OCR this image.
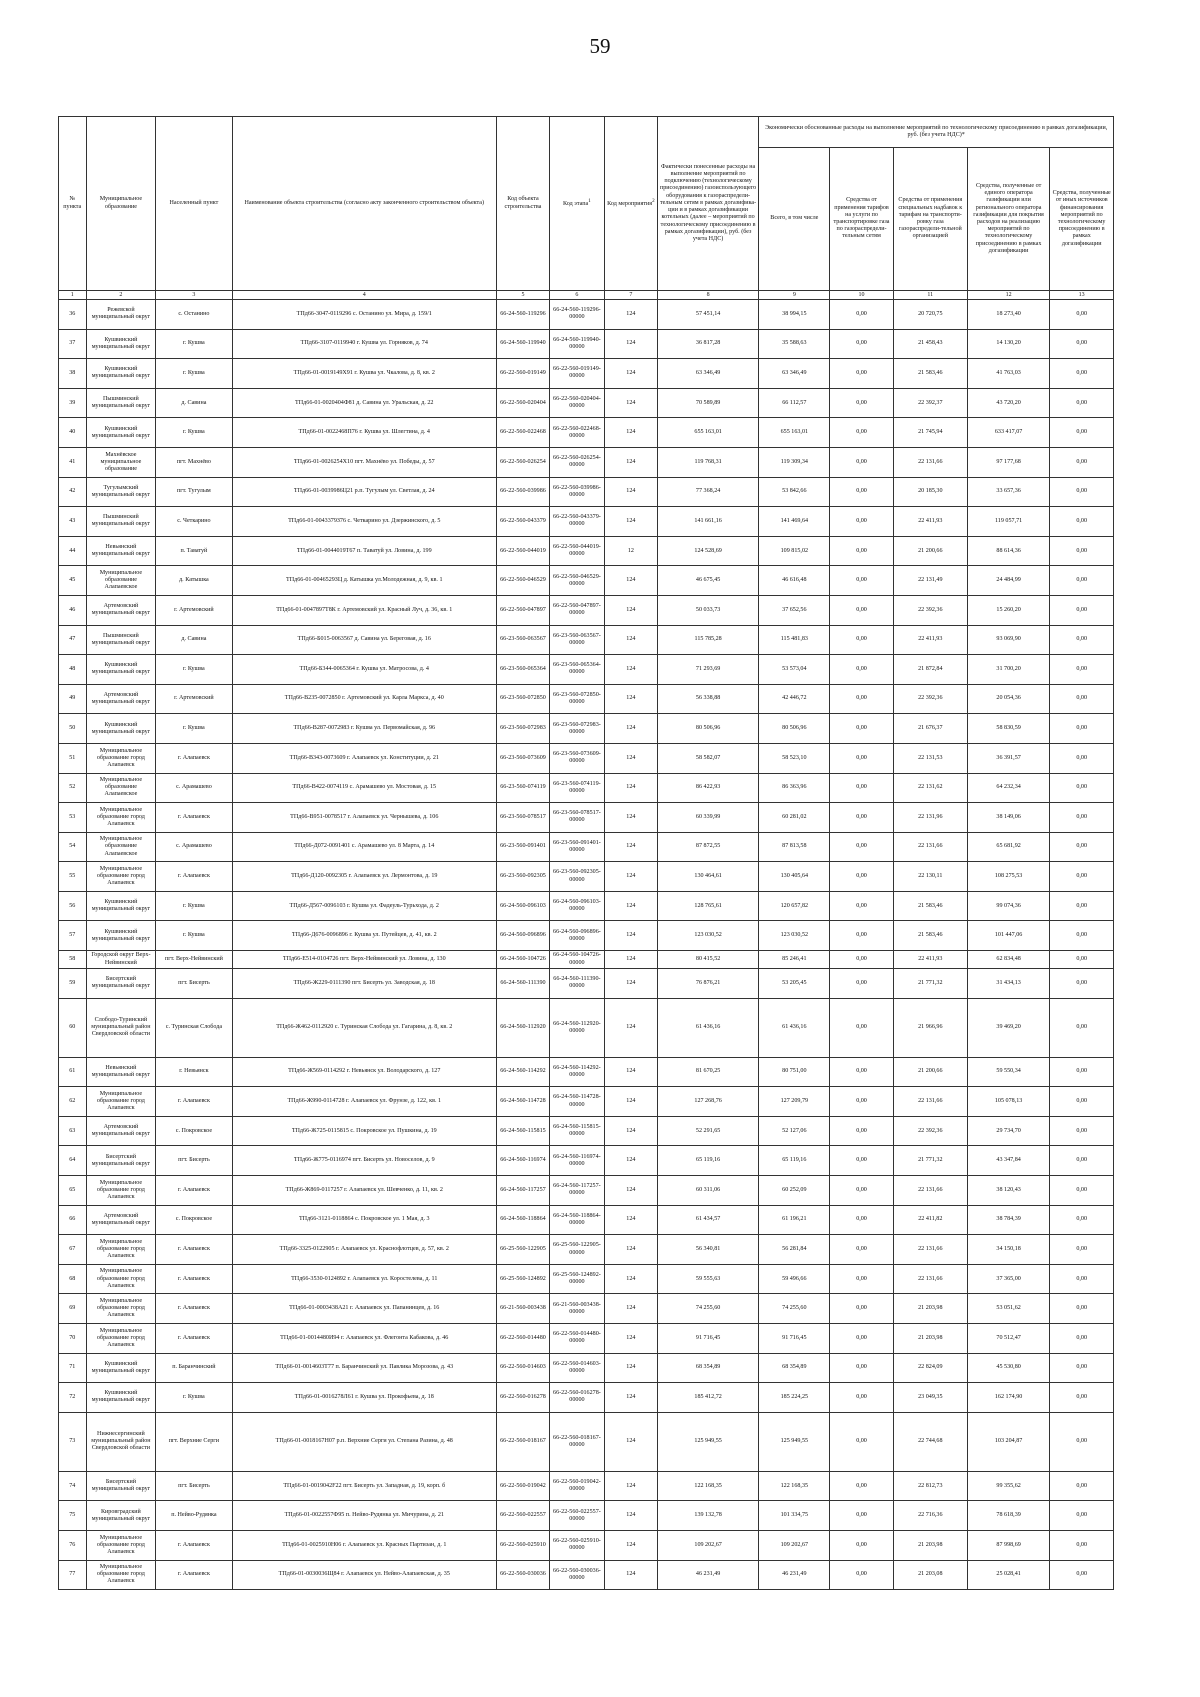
59
№ пункта	Муниципальное образование	Населенный пункт	Наименование объекта строительства (согласно акту законченного строительством объекта)	Код объекта строительства	Код этапа$^1$	Код мероприятия$^2$	Фактически понесенные расходы на выполнение мероприятий по подключению (технологическому присоединению) газоиспользующего оборудования к газораспредели-тельным сетям в рамках догазифика-ции и в рамках догазификации котельных (далее – мероприятий по технологическому присоединению в рамках догазификации), руб. (без учета НДС)	Экономически обоснованные расходы на выполнение мероприятий по технологическому присоединению в рамках догазификации, руб. (без учета НДС)*				
								Всего, в том числе	Средства от применения тарифов на услуги по транспортировке газа по газораспредели-тельным сетям	Средства от применения специальных надбавок к тарифам на транспорти-ровку газа газораспредели-тельной организацией	Средства, полученные от единого оператора газификации или регионального оператора газификации для покрытия расходов на реализацию мероприятий по технологическому присоединению в рамках догазификации	Средства, полученные от иных источников финансирования мероприятий по технологическому присоединению в рамках догазификации
1	2	3	4	5	6	7	8	9	10	11	12	13
36	Режевской муниципальный округ	с. Останино	ТПд66-3047-0119296 с. Останино ул. Мира, д. 159/1	66-24-560-119296	66-24-560-119296-00000	124	57 451,14	38 994,15	0,00	20 720,75	18 273,40	0,00
37	Кушвинский муниципальный округ	г. Кушва	ТПд66-3107-0119940 г. Кушва ул. Горняков, д. 74	66-24-560-119940	66-24-560-119940-00000	124	36 817,28	35 588,63	0,00	21 458,43	14 130,20	0,00
38	Кушвинский муниципальный округ	г. Кушва	ТПд66-01-0019149Х91 г. Кушва ул. Чкалова, д. 8, кв. 2	66-22-560-019149	66-22-560-019149-00000	124	63 346,49	63 346,49	0,00	21 583,46	41 763,03	0,00
39	Пышминский муниципальный округ	д. Савина	ТПд66-01-0020404Ф81 д. Савина ул. Уральская, д. 22	66-22-560-020404	66-22-560-020404-00000	124	70 589,89	66 112,57	0,00	22 392,37	43 720,20	0,00
40	Кушвинский муниципальный округ	г. Кушва	ТПд66-01-0022468П76 г. Кушва ул. Шлегтина, д. 4	66-22-560-022468	66-22-560-022468-00000	124	655 163,01	655 163,01	0,00	21 745,94	633 417,07	0,00
41	Махнёвское муниципальное образование	пгт. Махнёво	ТПд66-01-0026254Х10 пгт. Махнёво ул. Победы, д. 57	66-22-560-026254	66-22-560-026254-00000	124	119 768,31	119 309,34	0,00	22 131,66	97 177,68	0,00
42	Тугулымский муниципальный округ	пгт. Тугулым	ТПд66-01-0039986Ц21 р.п. Тугулым ул. Светлая, д. 24	66-22-560-039986	66-22-560-039986-00000	124	77 368,24	53 842,66	0,00	20 185,30	33 657,36	0,00
43	Пышминский муниципальный округ	с. Четкарино	ТПд66-01-0043379З76 с. Четкарино ул. Дзержинского, д. 5	66-22-560-043379	66-22-560-043379-00000	124	141 661,16	141 469,64	0,00	22 411,93	119 057,71	0,00
44	Невьянский муниципальный округ	п. Таватуй	ТПд66-01-0044019Т67 п. Таватуй ул. Ловина, д. 199	66-22-560-044019	66-22-560-044019-00000	12	124 528,69	109 815,02	0,00	21 200,66	88 614,36	0,00
45	Муниципальное образование Алапаевское	д. Катышка	ТПд66-01-0046529ЗЦ д. Катышка ул.Молодежная, д. 9, кв. 1	66-22-560-046529	66-22-560-046529-00000	124	46 675,45	46 616,48	0,00	22 131,49	24 484,99	0,00
46	Артемовский муниципальный округ	г. Артемовский	ТПд66-01-0047897Т8К г. Артемовский ул. Красный Луч, д. 36, кв. 1	66-22-560-047897	66-22-560-047897-00000	124	50 033,73	37 652,56	0,00	22 392,36	15 260,20	0,00
47	Пышминский муниципальный округ	д. Савина	ТПд66-Б015-0063567 д. Савина ул. Береговая, д. 16	66-23-560-063567	66-23-560-063567-00000	124	115 785,28	115 481,83	0,00	22 411,93	93 069,90	0,00
48	Кушвинский муниципальный округ	г. Кушва	ТПд66-Б344-0065364 г. Кушва ул. Матросова, д. 4	66-23-560-065364	66-23-560-065364-00000	124	71 293,69	53 573,04	0,00	21 872,84	31 700,20	0,00
49	Артемовский муниципальный округ	г. Артемовский	ТПд66-В235-0072850 г. Артемовский ул. Карла Маркса, д. 40	66-23-560-072850	66-23-560-072850-00000	124	56 338,88	42 446,72	0,00	22 392,36	20 054,36	0,00
50	Кушвинский муниципальный округ	г. Кушва	ТПд66-В287-0072983 г. Кушва ул. Первомайская, д. 96	66-23-560-072983	66-23-560-072983-00000	124	80 506,96	80 506,96	0,00	21 676,37	58 830,59	0,00
51	Муниципальное образование город Алапаевск	г. Алапаевск	ТПд66-В343-0073609 г. Алапаевск ул. Конституции, д. 21	66-23-560-073609	66-23-560-073609-00000	124	58 582,07	58 523,10	0,00	22 131,53	36 391,57	0,00
52	Муниципальное образование Алапаевское	с. Арамашево	ТПд66-В422-0074119 с. Арамашево ул. Мостовая, д. 15	66-23-560-074119	66-23-560-074119-00000	124	86 422,93	86 363,96	0,00	22 131,62	64 232,34	0,00
53	Муниципальное образование город Алапаевск	г. Алапаевск	ТПд66-В951-0078517 г. Алапаевск ул. Чернышева, д. 106	66-23-560-078517	66-23-560-078517-00000	124	60 339,99	60 281,02	0,00	22 131,96	38 149,06	0,00
54	Муниципальное образование Алапаевское	с. Арамашево	ТПд66-Д072-0091401 с. Арамашево ул. 8 Марта, д. 14	66-23-560-091401	66-23-560-091401-00000	124	87 872,55	87 813,58	0,00	22 131,66	65 681,92	0,00
55	Муниципальное образование город Алапаевск	г. Алапаевск	ТПд66-Д120-0092305 г. Алапаевск ул. Лермонтова, д. 19	66-23-560-092305	66-23-560-092305-00000	124	130 464,61	130 405,64	0,00	22 130,11	108 275,53	0,00
56	Кушвинский муниципальный округ	г. Кушва	ТПд66-Д567-0096103 г. Кушва ул. Фадеуль-Турьхода, д. 2	66-24-560-096103	66-24-560-096103-00000	124	128 765,61	120 657,82	0,00	21 583,46	99 074,36	0,00
57	Кушвинский муниципальный округ	г. Кушва	ТПд66-Д676-0096896 г. Кушва ул. Путейцев, д. 41, кв. 2	66-24-560-096896	66-24-560-096896-00000	124	123 030,52	123 030,52	0,00	21 583,46	101 447,06	0,00
58	Городской округ Верх-Нейвинский	пгт. Верх-Нейвинский	ТПд66-Е514-0104726 пгт. Верх-Нейвинский ул. Ловина, д. 130	66-24-560-104726	66-24-560-104726-00000	124	80 415,52	85 246,41	0,00	22 411,93	62 834,48	0,00
59	Бисертский муниципальный округ	пгт. Бисерть	ТПд66-Ж229-0111390 пгт. Бисерть ул. Заводская, д. 18	66-24-560-111390	66-24-560-111390-00000	124	76 876,21	53 205,45	0,00	21 771,32	31 434,13	0,00
60	Слободо-Туринский муниципальный район Свердловской области	с. Туринская Слобода	ТПд66-Ж462-0112920 с. Туринская Слобода ул. Гагарина, д. 8, кв. 2	66-24-560-112920	66-24-560-112920-00000	124	61 436,16	61 436,16	0,00	21 966,96	39 469,20	0,00
61	Невьянский муниципальный округ	г. Невьянск	ТПд66-Ж569-0114292 г. Невьянск ул. Володарского, д. 127	66-24-560-114292	66-24-560-114292-00000	124	81 670,25	80 751,00	0,00	21 200,66	59 550,34	0,00
62	Муниципальное образование город Алапаевск	г. Алапаевск	ТПд66-Ж990-0114728 г. Алапаевск ул. Фрунзе, д. 122, кв. 1	66-24-560-114728	66-24-560-114728-00000	124	127 268,76	127 209,79	0,00	22 131,66	105 078,13	0,00
63	Артемовский муниципальный округ	с. Покровское	ТПд66-Ж725-0115815 с. Покровское ул. Пушкина, д. 19	66-24-560-115815	66-24-560-115815-00000	124	52 291,65	52 127,06	0,00	22 392,36	29 734,70	0,00
64	Бисертский муниципальный округ	пгт. Бисерть	ТПд66-Ж775-0116974 пгт. Бисерть ул. Новоселов, д. 9	66-24-560-116974	66-24-560-116974-00000	124	65 119,16	65 119,16	0,00	21 771,32	43 347,84	0,00
65	Муниципальное образование город Алапаевск	г. Алапаевск	ТПд66-Ж869-0117257 г. Алапаевск ул. Шевченко, д. 11, кв. 2	66-24-560-117257	66-24-560-117257-00000	124	60 311,06	60 252,09	0,00	22 131,66	38 120,43	0,00
66	Артемовский муниципальный округ	с. Покровское	ТПд66-3121-0118864 с. Покровское ул. 1 Мая, д. 3	66-24-560-118864	66-24-560-118864-00000	124	61 434,57	61 196,21	0,00	22 411,82	38 784,39	0,00
67	Муниципальное образование город Алапаевск	г. Алапаевск	ТПд66-3325-0122905 г. Алапаевск ул. Краснофлотцев, д. 57, кв. 2	66-25-560-122905	66-25-560-122905-00000	124	56 340,81	56 281,84	0,00	22 131,66	34 150,18	0,00
68	Муниципальное образование город Алапаевск	г. Алапаевск	ТПд66-3530-0124892 г. Алапаевск ул. Коростелева, д. 11	66-25-560-124892	66-25-560-124892-00000	124	59 555,63	59 496,66	0,00	22 131,66	37 365,00	0,00
69	Муниципальное образование город Алапаевск	г. Алапаевск	ТПд66-01-0003438А21 г. Алапаевск ул. Папанинцев, д. 16	66-21-560-003438	66-21-560-003438-00000	124	74 255,60	74 255,60	0,00	21 203,98	53 051,62	0,00
70	Муниципальное образование город Алапаевск	г. Алапаевск	ТПд66-01-0014480И94 г. Алапаевск ул. Флегонта Кабакова, д. 46	66-22-560-014480	66-22-560-014480-00000	124	91 716,45	91 716,45	0,00	21 203,98	70 512,47	0,00
71	Кушвинский муниципальный округ	п. Баранчинский	ТПд66-01-0014603Т77 п. Баранчинский ул. Павлика Морозова, д. 43	66-22-560-014603	66-22-560-014603-00000	124	68 354,89	68 354,89	0,00	22 824,09	45 530,80	0,00
72	Кушвинский муниципальный округ	г. Кушва	ТПд66-01-0016278Л61 г. Кушва ул. Прокофьева, д. 18	66-22-560-016278	66-22-560-016278-00000	124	185 412,72	185 224,25	0,00	23 049,35	162 174,90	0,00
73	Нижнесергинский муниципальный район Свердловской области	пгт. Верхние Серги	ТПд66-01-0018167Н07 р.п. Верхние Серги ул. Степана Разина, д. 48	66-22-560-018167	66-22-560-018167-00000	124	125 949,55	125 949,55	0,00	22 744,68	103 204,87	0,00
74	Бисертский муниципальный округ	пгт. Бисерть	ТПд66-01-0019042F22 пгт. Бисерть ул. Западная, д. 19, корп. б	66-22-560-019042	66-22-560-019042-00000	124	122 168,35	122 168,35	0,00	22 812,73	99 355,62	0,00
75	Кировградский муниципальный округ	п. Нейво-Рудянка	ТПд66-01-0022557Ф95 п. Нейво-Рудянка ул. Мичурина, д. 21	66-22-560-022557	66-22-560-022557-00000	124	139 132,78	101 334,75	0,00	22 716,36	78 618,39	0,00
76	Муниципальное образование город Алапаевск	г. Алапаевск	ТПд66-01-0025910Н06 г. Алапаевск ул. Красных Партизан, д. 1	66-22-560-025910	66-22-560-025910-00000	124	109 202,67	109 202,67	0,00	21 203,98	87 998,69	0,00
77	Муниципальное образование город Алапаевск	г. Алапаевск	ТПд66-01-0030036Щ84 г. Алапаевск ул. Нейво-Алапаевская, д. 35	66-22-560-030036	66-22-560-030036-00000	124	46 231,49	46 231,49	0,00	21 203,08	25 028,41	0,00
